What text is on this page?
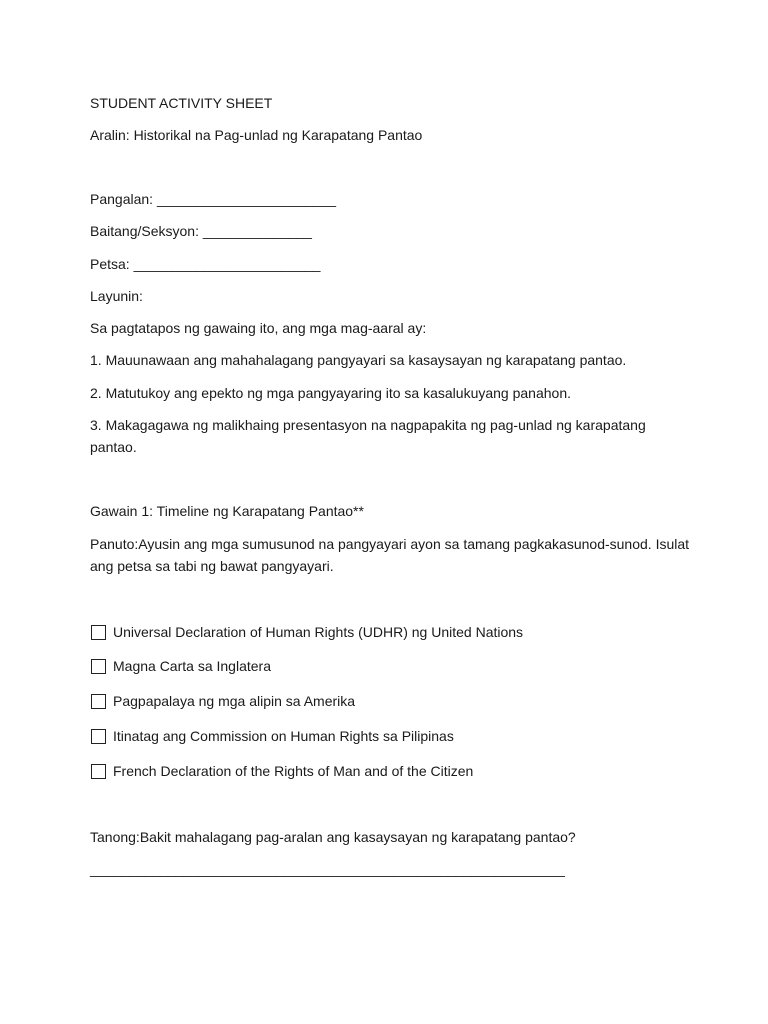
STUDENT ACTIVITY SHEET
Aralin: Historikal na Pag-unlad ng Karapatang Pantao
Pangalan: _______________________
Baitang/Seksyon: ______________
Petsa: ________________________
Layunin:
Sa pagtatapos ng gawaing ito, ang mga mag-aaral ay:
1. Mauunawaan ang mahahalagang pangyayari sa kasaysayan ng karapatang pantao.
2. Matutukoy ang epekto ng mga pangyayaring ito sa kasalukuyang panahon.
3. Makagagawa ng malikhaing presentasyon na nagpapakita ng pag-unlad ng karapatang pantao.
Gawain 1: Timeline ng Karapatang Pantao**
Panuto:Ayusin ang mga sumusunod na pangyayari ayon sa tamang pagkakasunod-sunod. Isulat ang petsa sa tabi ng bawat pangyayari.
Universal Declaration of Human Rights (UDHR) ng United Nations
Magna Carta sa Inglatera
Pagpapalaya ng mga alipin sa Amerika
Itinatag ang Commission on Human Rights sa Pilipinas
French Declaration of the Rights of Man and of the Citizen
Tanong:Bakit mahalagang pag-aralan ang kasaysayan ng karapatang pantao?
_____________________________________________________________
